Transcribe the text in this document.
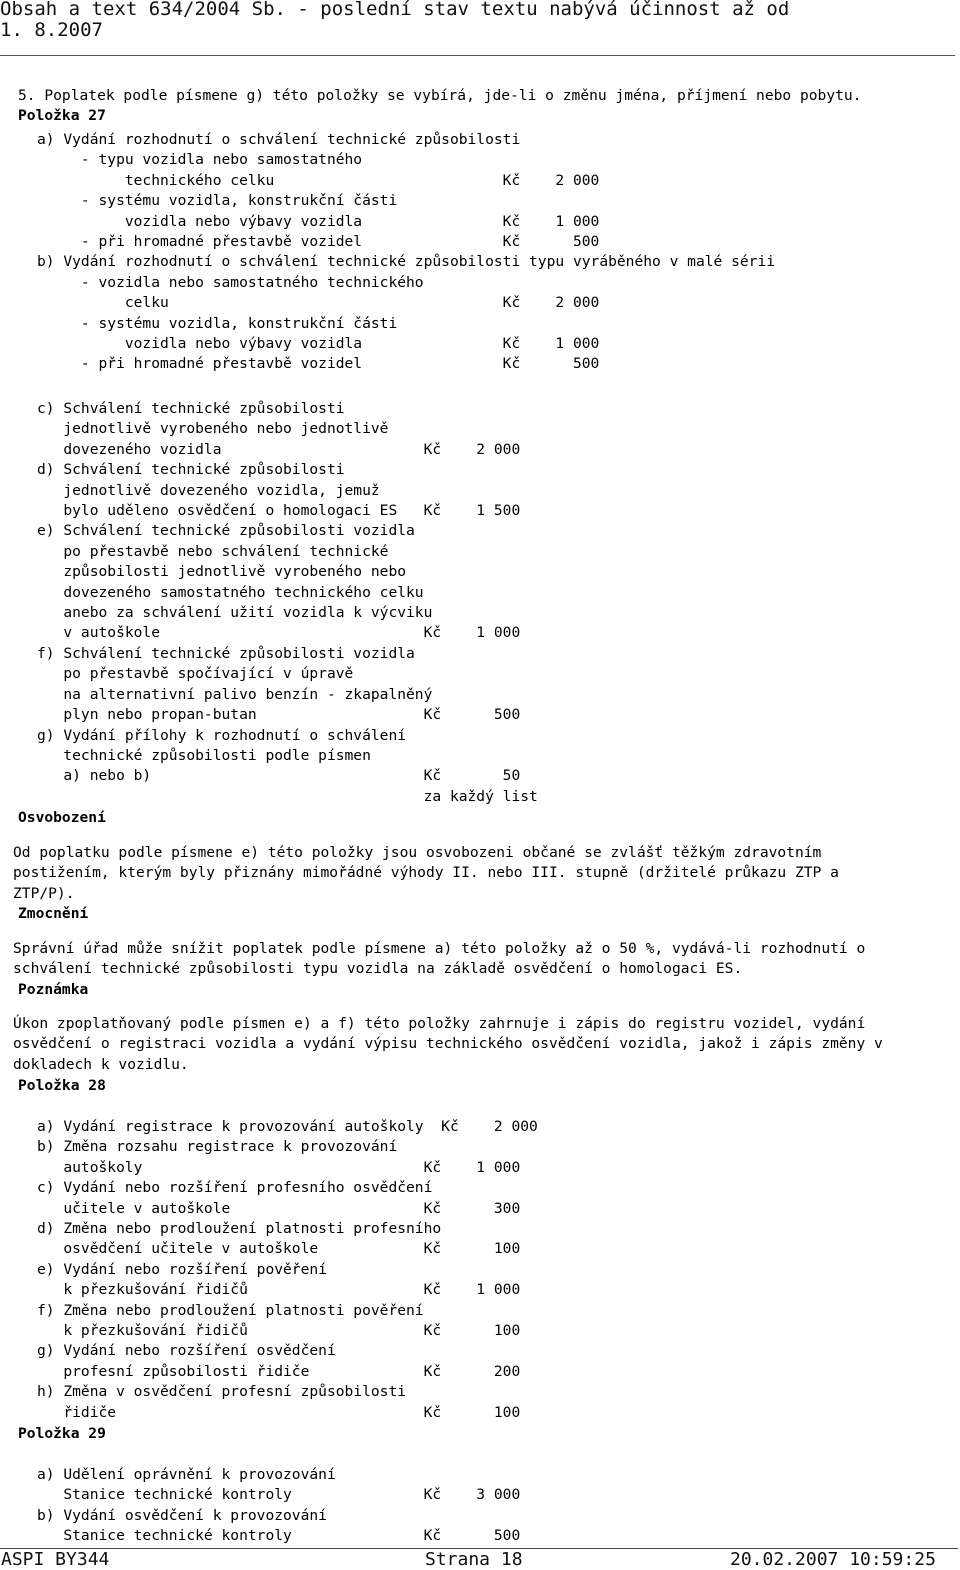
Obsah a text 634/2004 Sb. - poslední stav textu nabývá účinnost až od
1. 8.2007
5. Poplatek podle písmene g) této položky se vybírá, jde-li o změnu jména, příjmení nebo pobytu.
Položka 27
a) Vydání rozhodnutí o schválení technické způsobilosti
- typu vozidla nebo samostatného
technického celku                          Kč    2 000
- systému vozidla, konstrukční části
vozidla nebo výbavy vozidla                Kč    1 000
- při hromadné přestavbě vozidel                Kč      500
b) Vydání rozhodnutí o schválení technické způsobilosti typu vyráběného v malé sérii
- vozidla nebo samostatného technického
celku                                      Kč    2 000
- systému vozidla, konstrukční části
vozidla nebo výbavy vozidla                Kč    1 000
- při hromadné přestavbě vozidel                Kč      500
c) Schválení technické způsobilosti
jednotlivě vyrobeného nebo jednotlivě
dovezeného vozidla                       Kč    2 000
d) Schválení technické způsobilosti
jednotlivě dovezeného vozidla, jemuž
bylo uděleno osvědčení o homologaci ES   Kč    1 500
e) Schválení technické způsobilosti vozidla
po přestavbě nebo schválení technické
způsobilosti jednotlivě vyrobeného nebo
dovezeného samostatného technického celku
anebo za schválení užití vozidla k výcviku
v autoškole                              Kč    1 000
f) Schválení technické způsobilosti vozidla
po přestavbě spočívající v úpravě
na alternativní palivo benzín - zkapalněný
plyn nebo propan-butan                   Kč      500
g) Vydání přílohy k rozhodnutí o schválení
technické způsobilosti podle písmen
a) nebo b)                               Kč       50
za každý list
Osvobození
Od poplatku podle písmene e) této položky jsou osvobozeni občané se zvlášť těžkým zdravotním
postižením, kterým byly přiznány mimořádné výhody II. nebo III. stupně (držitelé průkazu ZTP a
ZTP/P).
Zmocnění
Správní úřad může snížit poplatek podle písmene a) této položky až o 50 %, vydává-li rozhodnutí o
schválení technické způsobilosti typu vozidla na základě osvědčení o homologaci ES.
Poznámka
Úkon zpoplatňovaný podle písmen e) a f) této položky zahrnuje i zápis do registru vozidel, vydání
osvědčení o registraci vozidla a vydání výpisu technického osvědčení vozidla, jakož i zápis změny v
dokladech k vozidlu.
Položka 28
a) Vydání registrace k provozování autoškoly  Kč    2 000
b) Změna rozsahu registrace k provozování
autoškoly                                Kč    1 000
c) Vydání nebo rozšíření profesního osvědčení
učitele v autoškole                      Kč      300
d) Změna nebo prodloužení platnosti profesního
osvědčení učitele v autoškole            Kč      100
e) Vydání nebo rozšíření pověření
k přezkušování řidičů                    Kč    1 000
f) Změna nebo prodloužení platnosti pověření
k přezkušování řidičů                    Kč      100
g) Vydání nebo rozšíření osvědčení
profesní způsobilosti řidiče             Kč      200
h) Změna v osvědčení profesní způsobilosti
řidiče                                   Kč      100
Položka 29
a) Udělení oprávnění k provozování
Stanice technické kontroly               Kč    3 000
b) Vydání osvědčení k provozování
Stanice technické kontroly               Kč      500
ASPI BY344	Strana 18	20.02.2007 10:59:25
